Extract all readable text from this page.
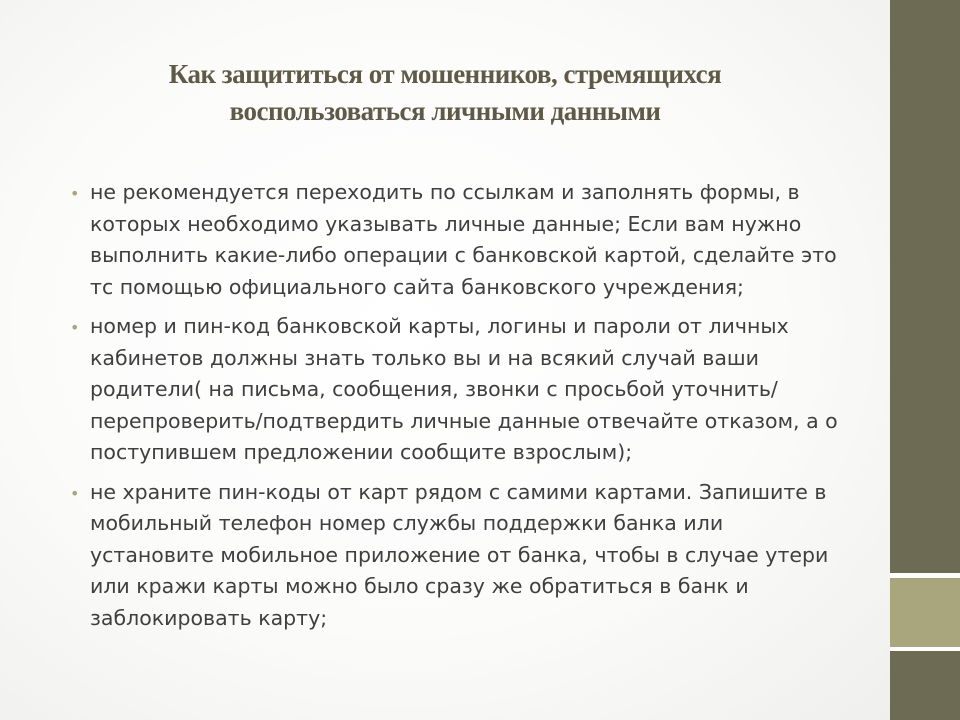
Как защититься от мошенников, стремящихся
воспользоваться личными данными
• не рекомендуется переходить по ссылкам и заполнять формы, в которых необходимо указывать личные данные; Если вам нужно выполнить какие-либо операции с банковской картой, сделайте это тс помощью официального сайта банковского учреждения;
• номер и пин-код банковской карты, логины и пароли от личных кабинетов должны знать только вы и на всякий случай ваши родители( на письма, сообщения, звонки с просьбой уточнить/перепроверить/подтвердить личные данные отвечайте отказом, а о поступившем предложении сообщите взрослым);
• не храните пин-коды от карт рядом с самими картами. Запишите в мобильный телефон номер службы поддержки банка или установите мобильное приложение от банка, чтобы в случае утери или кражи карты можно было сразу же обратиться в банк и заблокировать карту;
